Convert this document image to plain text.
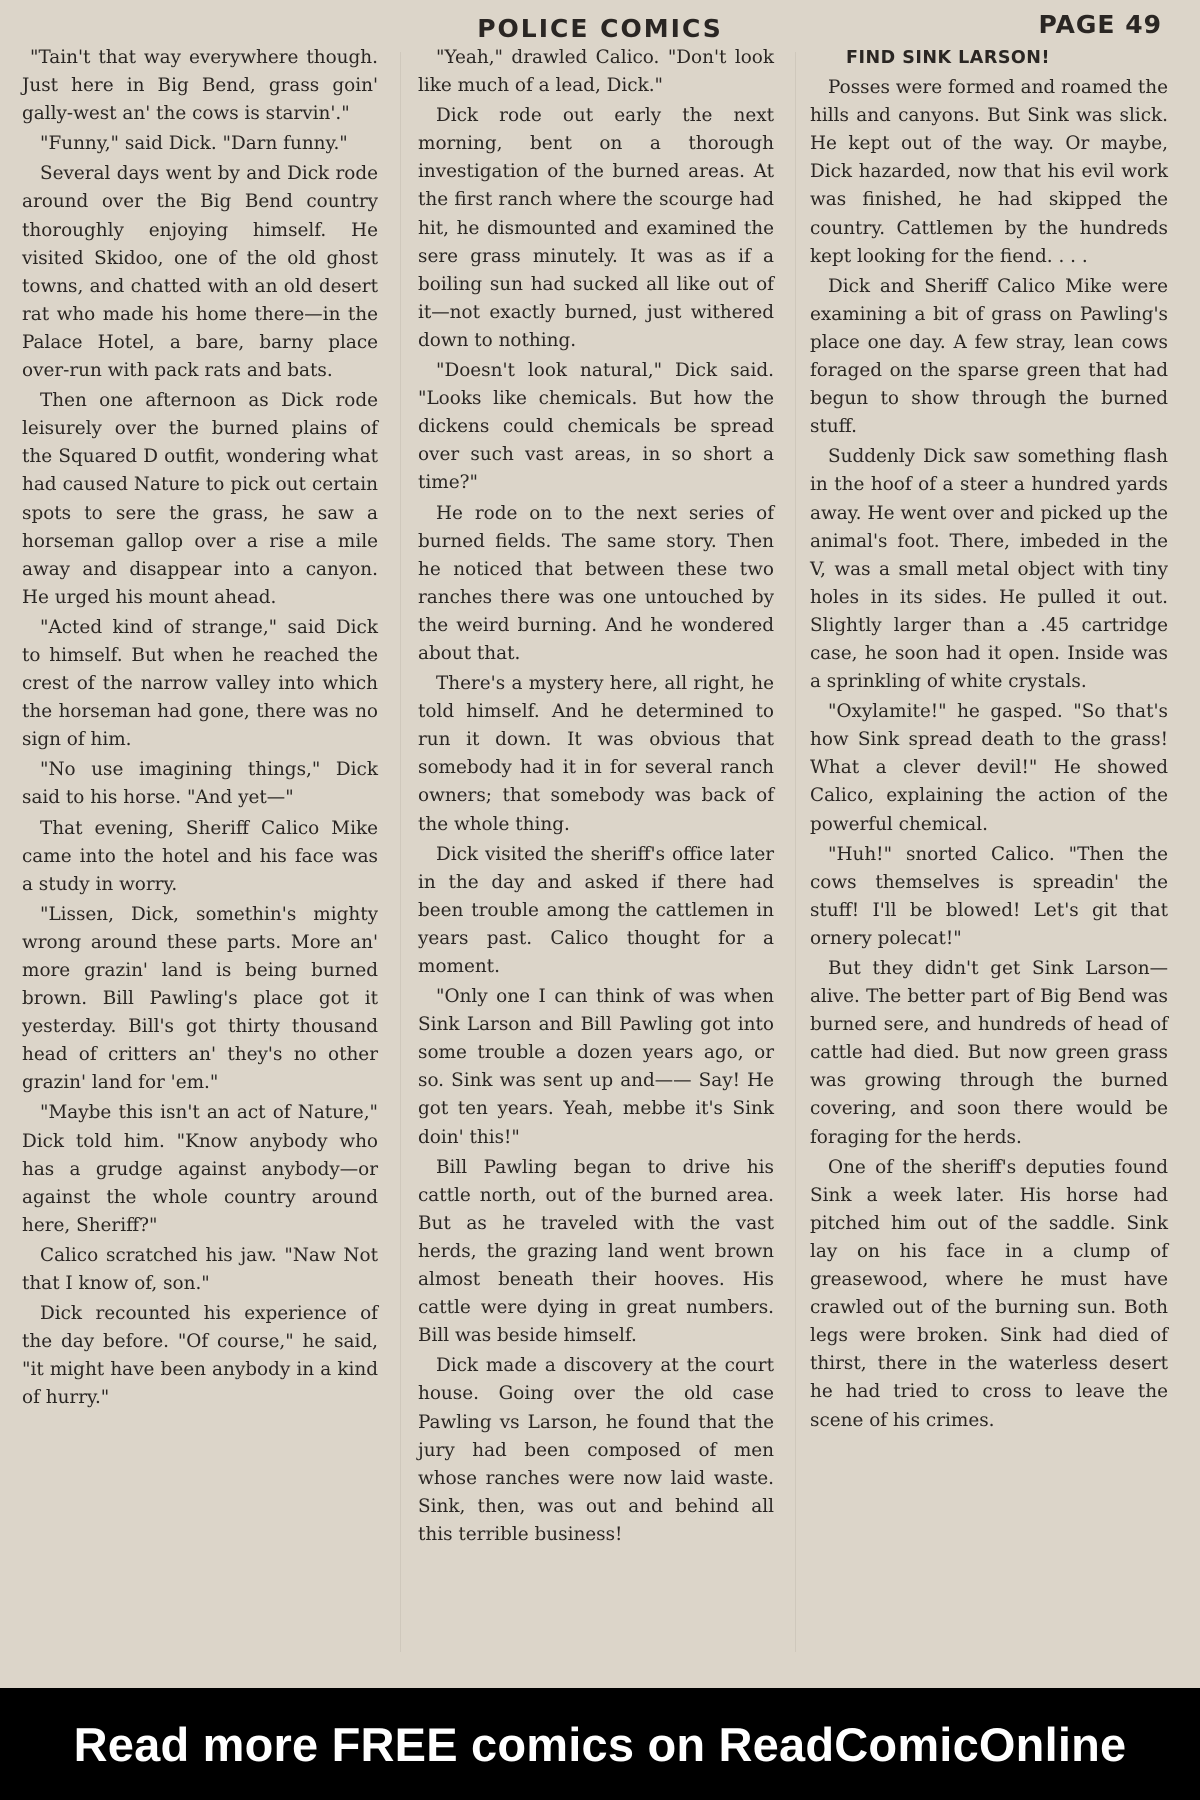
POLICE COMICS	PAGE 49

"Tain't that way everywhere though. Just here in Big Bend, grass goin' gally-west an' the cows is starvin'."

"Funny," said Dick. "Darn funny."

Several days went by and Dick rode around over the Big Bend country thoroughly enjoying himself. He visited Skidoo, one of the old ghost towns, and chatted with an old desert rat who made his home there—in the Palace Hotel, a bare, barny place over-run with pack rats and bats.

Then one afternoon as Dick rode leisurely over the burned plains of the Squared D outfit, wondering what had caused Nature to pick out certain spots to sere the grass, he saw a horseman gallop over a rise a mile away and disappear into a canyon. He urged his mount ahead.

"Acted kind of strange," said Dick to himself. But when he reached the crest of the narrow valley into which the horseman had gone, there was no sign of him.

"No use imagining things," Dick said to his horse. "And yet—"

That evening, Sheriff Calico Mike came into the hotel and his face was a study in worry.

"Lissen, Dick, somethin's mighty wrong around these parts. More an' more grazin' land is being burned brown. Bill Pawling's place got it yesterday. Bill's got thirty thousand head of critters an' they's no other grazin' land for 'em."

"Maybe this isn't an act of Nature," Dick told him. "Know anybody who has a grudge against anybody—or against the whole country around here, Sheriff?"

Calico scratched his jaw. "Naw Not that I know of, son."

Dick recounted his experience of the day before. "Of course," he said, "it might have been anybody in a kind of hurry."

"Yeah," drawled Calico. "Don't look like much of a lead, Dick."

Dick rode out early the next morning, bent on a thorough investigation of the burned areas. At the first ranch where the scourge had hit, he dismounted and examined the sere grass minutely. It was as if a boiling sun had sucked all like out of it—not exactly burned, just withered down to nothing.

"Doesn't look natural," Dick said. "Looks like chemicals. But how the dickens could chemicals be spread over such vast areas, in so short a time?"

He rode on to the next series of burned fields. The same story. Then he noticed that between these two ranches there was one untouched by the weird burning. And he wondered about that.

There's a mystery here, all right, he told himself. And he determined to run it down. It was obvious that somebody had it in for several ranch owners; that somebody was back of the whole thing.

Dick visited the sheriff's office later in the day and asked if there had been trouble among the cattlemen in years past. Calico thought for a moment.

"Only one I can think of was when Sink Larson and Bill Pawling got into some trouble a dozen years ago, or so. Sink was sent up and—— Say! He got ten years. Yeah, mebbe it's Sink doin' this!"

Bill Pawling began to drive his cattle north, out of the burned area. But as he traveled with the vast herds, the grazing land went brown almost beneath their hooves. His cattle were dying in great numbers. Bill was beside himself.

Dick made a discovery at the court house. Going over the old case Pawling vs Larson, he found that the jury had been composed of men whose ranches were now laid waste. Sink, then, was out and behind all this terrible business!

FIND SINK LARSON!

Posses were formed and roamed the hills and canyons. But Sink was slick. He kept out of the way. Or maybe, Dick hazarded, now that his evil work was finished, he had skipped the country. Cattlemen by the hundreds kept looking for the fiend. . . .

Dick and Sheriff Calico Mike were examining a bit of grass on Pawling's place one day. A few stray, lean cows foraged on the sparse green that had begun to show through the burned stuff.

Suddenly Dick saw something flash in the hoof of a steer a hundred yards away. He went over and picked up the animal's foot. There, imbeded in the V, was a small metal object with tiny holes in its sides. He pulled it out. Slightly larger than a .45 cartridge case, he soon had it open. Inside was a sprinkling of white crystals.

"Oxylamite!" he gasped. "So that's how Sink spread death to the grass! What a clever devil!" He showed Calico, explaining the action of the powerful chemical.

"Huh!" snorted Calico. "Then the cows themselves is spreadin' the stuff! I'll be blowed! Let's git that ornery polecat!"

But they didn't get Sink Larson—alive. The better part of Big Bend was burned sere, and hundreds of head of cattle had died. But now green grass was growing through the burned covering, and soon there would be foraging for the herds.

One of the sheriff's deputies found Sink a week later. His horse had pitched him out of the saddle. Sink lay on his face in a clump of greasewood, where he must have crawled out of the burning sun. Both legs were broken. Sink had died of thirst, there in the waterless desert he had tried to cross to leave the scene of his crimes.

Read more FREE comics on ReadComicOnline
